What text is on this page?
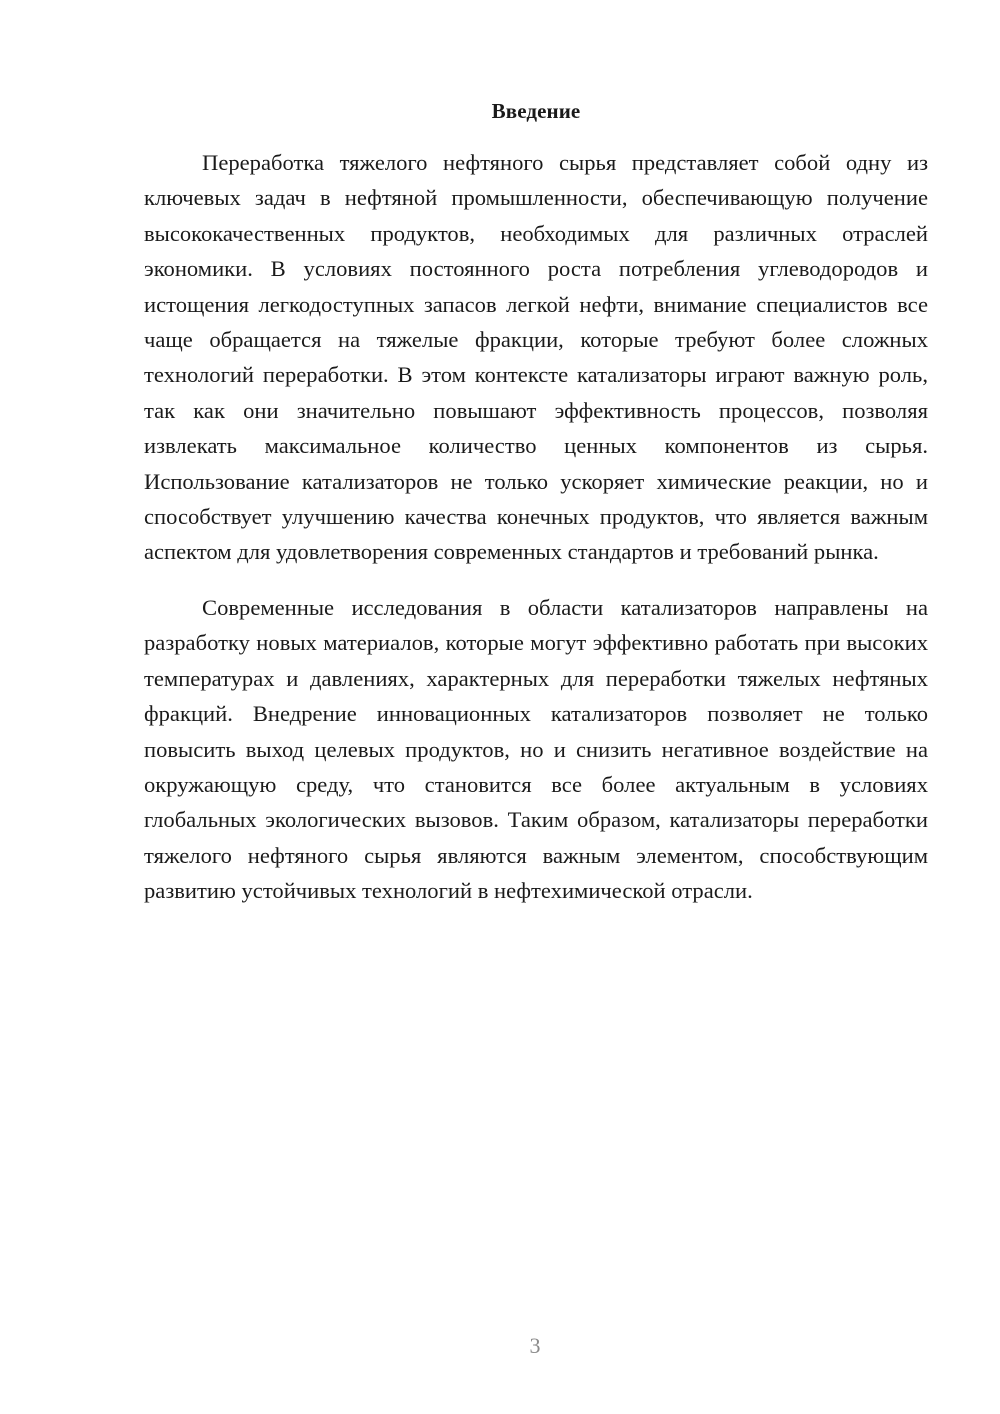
Введение

Переработка тяжелого нефтяного сырья представляет собой одну из ключевых задач в нефтяной промышленности, обеспечивающую получение высококачественных продуктов, необходимых для различных отраслей экономики. В условиях постоянного роста потребления углеводородов и истощения легкодоступных запасов легкой нефти, внимание специалистов все чаще обращается на тяжелые фракции, которые требуют более сложных технологий переработки. В этом контексте катализаторы играют важную роль, так как они значительно повышают эффективность процессов, позволяя извлекать максимальное количество ценных компонентов из сырья. Использование катализаторов не только ускоряет химические реакции, но и способствует улучшению качества конечных продуктов, что является важным аспектом для удовлетворения современных стандартов и требований рынка.

Современные исследования в области катализаторов направлены на разработку новых материалов, которые могут эффективно работать при высоких температурах и давлениях, характерных для переработки тяжелых нефтяных фракций. Внедрение инновационных катализаторов позволяет не только повысить выход целевых продуктов, но и снизить негативное воздействие на окружающую среду, что становится все более актуальным в условиях глобальных экологических вызовов. Таким образом, катализаторы переработки тяжелого нефтяного сырья являются важным элементом, способствующим развитию устойчивых технологий в нефтехимической отрасли.

3
